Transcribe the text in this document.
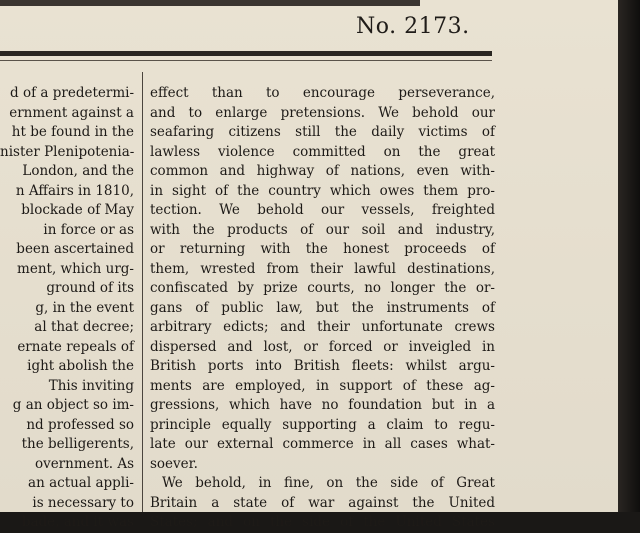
No. 2173.
d of a predetermi-
ernment against a
ht be found in the
nister Plenipotenia-
London, and the
n Affairs in 1810,
blockade of May
in force or as
been ascertained
ment, which urg-
ground of its
g, in the event
al that decree;
ernate repeals of
ight abolish the
This inviting
g an object so im-
nd professed so
the belligerents,
overnment. As
an actual appli-
is necessary to
bade, and it was
effect than to encourage perseverance,
and to enlarge pretensions. We behold our
seafaring citizens still the daily victims of
lawless violence committed on the great
common and highway of nations, even with-
in sight of the country which owes them pro-
tection. We behold our vessels, freighted
with the products of our soil and industry,
or returning with the honest proceeds of
them, wrested from their lawful destinations,
confiscated by prize courts, no longer the or-
gans of public law, but the instruments of
arbitrary edicts; and their unfortunate crews
dispersed and lost, or forced or inveigled in
British ports into British fleets: whilst argu-
ments are employed, in support of these ag-
gressions, which have no foundation but in a
principle equally supporting a claim to regu-
late our external commerce in all cases what-
soever.
We behold, in fine, on the side of Great
Britain a state of war against the United
States; and on the side of the United States
